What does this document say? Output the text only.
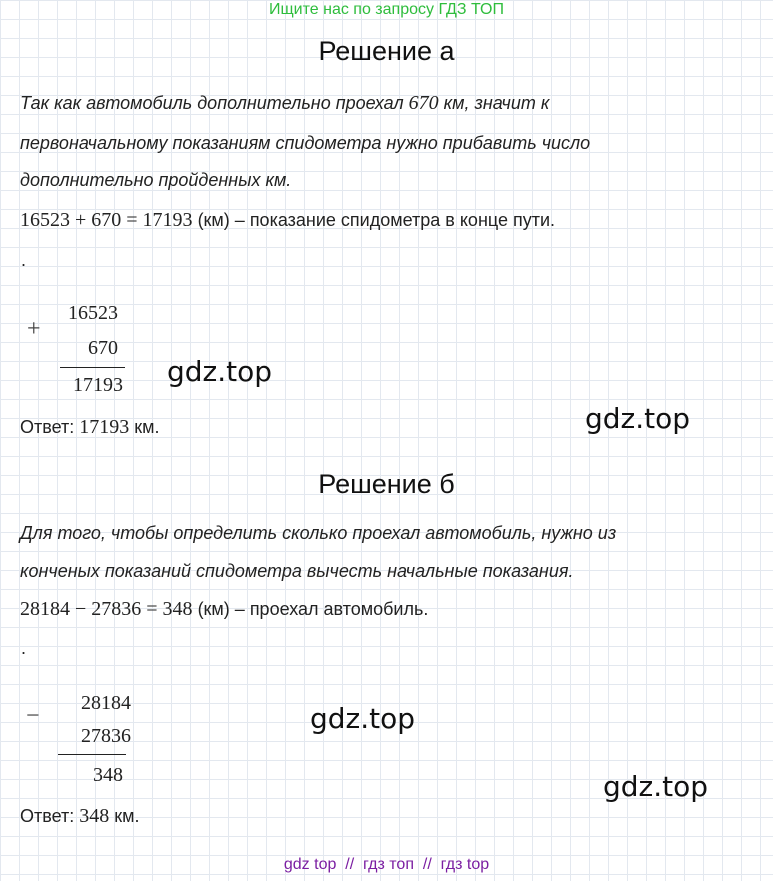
Ищите нас по запросу ГДЗ ТОП
Решение а
Так как автомобиль дополнительно проехал 670 км, значит к
первоначальному показаниям спидометра нужно прибавить число
дополнительно пройденных км.
16523 + 670 = 17193 (км) – показание спидометра в конце пути.
.
+
16523
670
17193 gdz.top
gdz.top
Ответ: 17193 км.
Решение б
Для того, чтобы определить сколько проехал автомобиль, нужно из
конченых показаний спидометра вычесть начальные показания.
28184 − 27836 = 348 (км) – проехал автомобиль.
.
−	28184
27836
348
gdz.top
gdz.top
Ответ: 348 км.
gdz top  //  гдз топ  //  гдз top
